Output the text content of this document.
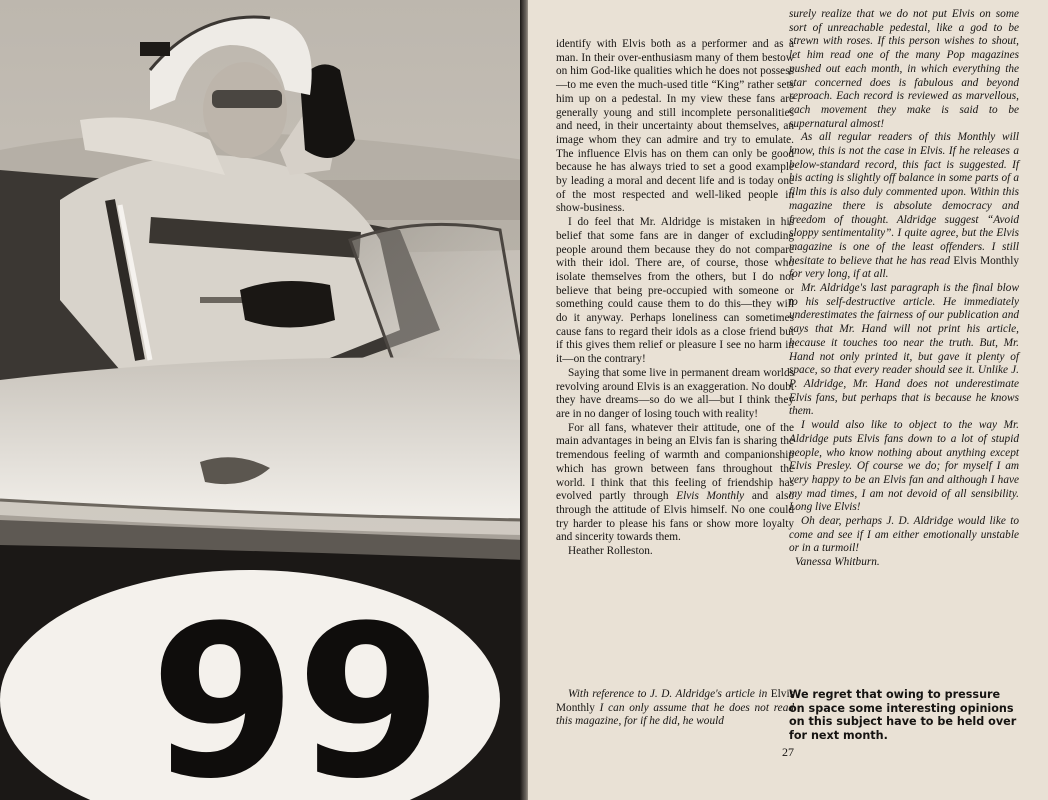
99

identify with Elvis both as a performer and as a man. In their over-enthusiasm many of them bestow on him God-like qualities which he does not possess—to me even the much-used title “King” rather sets him up on a pedestal. In my view these fans are generally young and still incomplete personalities and need, in their uncertainty about themselves, an image whom they can admire and try to emulate. The influence Elvis has on them can only be good because he has always tried to set a good example by leading a moral and decent life and is today one of the most respected and well-liked people in show-business.

I do feel that Mr. Aldridge is mistaken in his belief that some fans are in danger of excluding people around them because they do not compare with their idol. There are, of course, those who isolate themselves from the others, but I do not believe that being pre-occupied with someone or something could cause them to do this—they will do it anyway. Perhaps loneliness can sometimes cause fans to regard their idols as a close friend but if this gives them relief or pleasure I see no harm in it—on the contrary!

Saying that some live in permanent dream worlds revolving around Elvis is an exaggeration. No doubt they have dreams—so do we all—but I think they are in no danger of losing touch with reality!

For all fans, whatever their attitude, one of the main advantages in being an Elvis fan is sharing the tremendous feeling of warmth and companionship which has grown between fans throughout the world. I think that this feeling of friendship has evolved partly through Elvis Monthly and also through the attitude of Elvis himself. No one could try harder to please his fans or show more loyalty and sincerity towards them.

Heather Rolleston.

surely realize that we do not put Elvis on some sort of unreachable pedestal, like a god to be strewn with roses. If this person wishes to shout, let him read one of the many Pop magazines pushed out each month, in which everything the star concerned does is fabulous and beyond reproach. Each record is reviewed as marvellous, each movement they make is said to be supernatural almost!

As all regular readers of this Monthly will know, this is not the case in Elvis. If he releases a below-standard record, this fact is suggested. If his acting is slightly off balance in some parts of a film this is also duly commented upon. Within this magazine there is absolute democracy and freedom of thought. Aldridge suggest “Avoid sloppy sentimentality”. I quite agree, but the Elvis magazine is one of the least offenders. I still hesitate to believe that he has read Elvis Monthly for very long, if at all.

Mr. Aldridge's last paragraph is the final blow to his self-destructive article. He immediately underestimates the fairness of our publication and says that Mr. Hand will not print his article, because it touches too near the truth. But, Mr. Hand not only printed it, but gave it plenty of space, so that every reader should see it. Unlike J. P. Aldridge, Mr. Hand does not underestimate Elvis fans, but perhaps that is because he knows them.

I would also like to object to the way Mr. Aldridge puts Elvis fans down to a lot of stupid people, who know nothing about anything except Elvis Presley. Of course we do; for myself I am very happy to be an Elvis fan and although I have my mad times, I am not devoid of all sensibility. Long live Elvis!

Oh dear, perhaps J. D. Aldridge would like to come and see if I am either emotionally unstable or in a turmoil!

Vanessa Whitburn.

With reference to J. D. Aldridge's article in Elvis Monthly I can only assume that he does not read this magazine, for if he did, he would

We regret that owing to pressure on space some interesting opinions on this subject have to be held over for next month.
27
